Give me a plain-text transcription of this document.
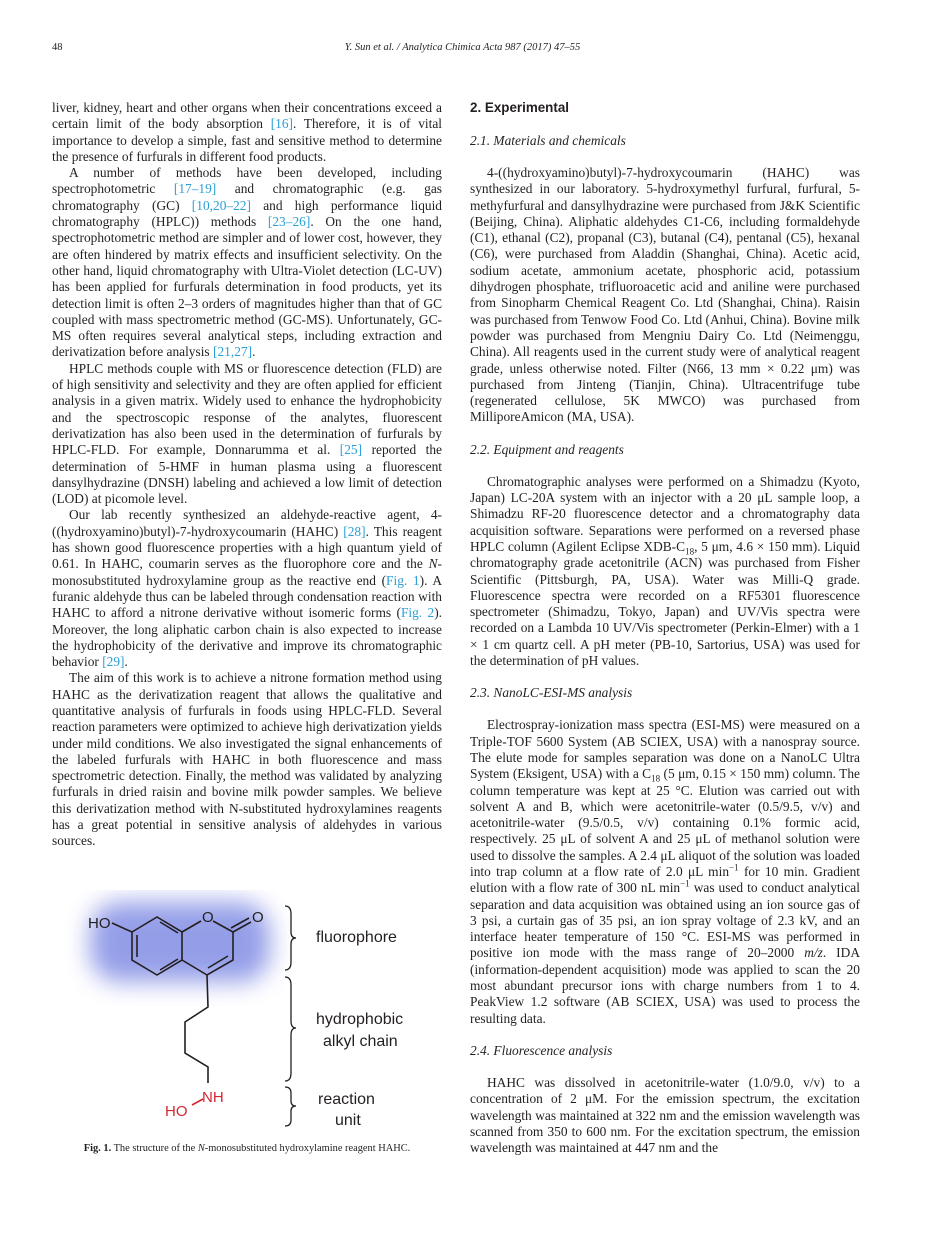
48	Y. Sun et al. / Analytica Chimica Acta 987 (2017) 47–55

liver, kidney, heart and other organs when their concentrations exceed a certain limit of the body absorption [16]. Therefore, it is of vital importance to develop a simple, fast and sensitive method to determine the presence of furfurals in different food products.

A number of methods have been developed, including spectrophotometric [17–19] and chromatographic (e.g. gas chromatography (GC) [10,20–22] and high performance liquid chromatography (HPLC)) methods [23–26]. On the one hand, spectrophotometric method are simpler and of lower cost, however, they are often hindered by matrix effects and insufficient selectivity. On the other hand, liquid chromatography with Ultra-Violet detection (LC-UV) has been applied for furfurals determination in food products, yet its detection limit is often 2–3 orders of magnitudes higher than that of GC coupled with mass spectrometric method (GC-MS). Unfortunately, GC-MS often requires several analytical steps, including extraction and derivatization before analysis [21,27].

HPLC methods couple with MS or fluorescence detection (FLD) are of high sensitivity and selectivity and they are often applied for efficient analysis in a given matrix. Widely used to enhance the hydrophobicity and the spectroscopic response of the analytes, fluorescent derivatization has also been used in the determination of furfurals by HPLC-FLD. For example, Donnarumma et al. [25] reported the determination of 5-HMF in human plasma using a fluorescent dansylhydrazine (DNSH) labeling and achieved a low limit of detection (LOD) at picomole level.

Our lab recently synthesized an aldehyde-reactive agent, 4-((hydroxyamino)butyl)-7-hydroxycoumarin (HAHC) [28]. This reagent has shown good fluorescence properties with a high quantum yield of 0.61. In HAHC, coumarin serves as the fluorophore core and the N-monosubstituted hydroxylamine group as the reactive end (Fig. 1). A furanic aldehyde thus can be labeled through condensation reaction with HAHC to afford a nitrone derivative without isomeric forms (Fig. 2). Moreover, the long aliphatic carbon chain is also expected to increase the hydrophobicity of the derivative and improve its chromatographic behavior [29].

The aim of this work is to achieve a nitrone formation method using HAHC as the derivatization reagent that allows the qualitative and quantitative analysis of furfurals in foods using HPLC-FLD. Several reaction parameters were optimized to achieve high derivatization yields under mild conditions. We also investigated the signal enhancements of the labeled furfurals with HAHC in both fluorescence and mass spectrometric detection. Finally, the method was validated by analyzing furfurals in dried raisin and bovine milk powder samples. We believe this derivatization method with N-substituted hydroxylamines reagents has a great potential in sensitive analysis of aldehydes in various sources.

HO	O	O
NH
HO
fluorophore
hydrophobic
alkyl chain
reaction
unit
Fig. 1. The structure of the N-monosubstituted hydroxylamine reagent HAHC.
2. Experimental
2.1. Materials and chemicals

4-((hydroxyamino)butyl)-7-hydroxycoumarin (HAHC) was synthesized in our laboratory. 5-hydroxymethyl furfural, furfural, 5-methyfurfural and dansylhydrazine were purchased from J&K Scientific (Beijing, China). Aliphatic aldehydes C1-C6, including formaldehyde (C1), ethanal (C2), propanal (C3), butanal (C4), pentanal (C5), hexanal (C6), were purchased from Aladdin (Shanghai, China). Acetic acid, sodium acetate, ammonium acetate, phosphoric acid, potassium dihydrogen phosphate, trifluoroacetic acid and aniline were purchased from Sinopharm Chemical Reagent Co. Ltd (Shanghai, China). Raisin was purchased from Tenwow Food Co. Ltd (Anhui, China). Bovine milk powder was purchased from Mengniu Dairy Co. Ltd (Neimenggu, China). All reagents used in the current study were of analytical reagent grade, unless otherwise noted. Filter (N66, 13 mm × 0.22 μm) was purchased from Jinteng (Tianjin, China). Ultracentrifuge tube (regenerated cellulose, 5K MWCO) was purchased from MilliporeAmicon (MA, USA).

2.2. Equipment and reagents

Chromatographic analyses were performed on a Shimadzu (Kyoto, Japan) LC-20A system with an injector with a 20 μL sample loop, a Shimadzu RF-20 fluorescence detector and a chromatography data acquisition software. Separations were performed on a reversed phase HPLC column (Agilent Eclipse XDB-$C_{18}$, 5 μm, 4.6 × 150 mm). Liquid chromatography grade acetonitrile (ACN) was purchased from Fisher Scientific (Pittsburgh, PA, USA). Water was Milli-Q grade. Fluorescence spectra were recorded on a RF5301 fluorescence spectrometer (Shimadzu, Tokyo, Japan) and UV/Vis spectra were recorded on a Lambda 10 UV/Vis spectrometer (Perkin-Elmer) with a 1 × 1 cm quartz cell. A pH meter (PB-10, Sartorius, USA) was used for the determination of pH values.

2.3. NanoLC-ESI-MS analysis

Electrospray-ionization mass spectra (ESI-MS) were measured on a Triple-TOF 5600 System (AB SCIEX, USA) with a nanospray source. The elute mode for samples separation was done on a NanoLC Ultra System (Eksigent, USA) with a $C_{18}$ (5 μm, 0.15 × 150 mm) column. The column temperature was kept at 25 °C. Elution was carried out with solvent A and B, which were acetonitrile-water (0.5/9.5, v/v) and acetonitrile-water (9.5/0.5, v/v) containing 0.1% formic acid, respectively. 25 μL of solvent A and 25 μL of methanol solution were used to dissolve the samples. A 2.4 μL aliquot of the solution was loaded into trap column at a flow rate of 2.0 μL $\min^{-1}$ for 10 min. Gradient elution with a flow rate of 300 nL $\min^{-1}$ was used to conduct analytical separation and data acquisition was obtained using an ion source gas of 3 psi, a curtain gas of 35 psi, an ion spray voltage of 2.3 kV, and an interface heater temperature of 150 °C. ESI-MS was performed in positive ion mode with the mass range of 20–2000 m/z. IDA (information-dependent acquisition) mode was applied to scan the 20 most abundant precursor ions with charge numbers from 1 to 4. PeakView 1.2 software (AB SCIEX, USA) was used to process the resulting data.

2.4. Fluorescence analysis

HAHC was dissolved in acetonitrile-water (1.0/9.0, v/v) to a concentration of 2 μM. For the emission spectrum, the excitation wavelength was maintained at 322 nm and the emission wavelength was scanned from 350 to 600 nm. For the excitation spectrum, the emission wavelength was maintained at 447 nm and the
